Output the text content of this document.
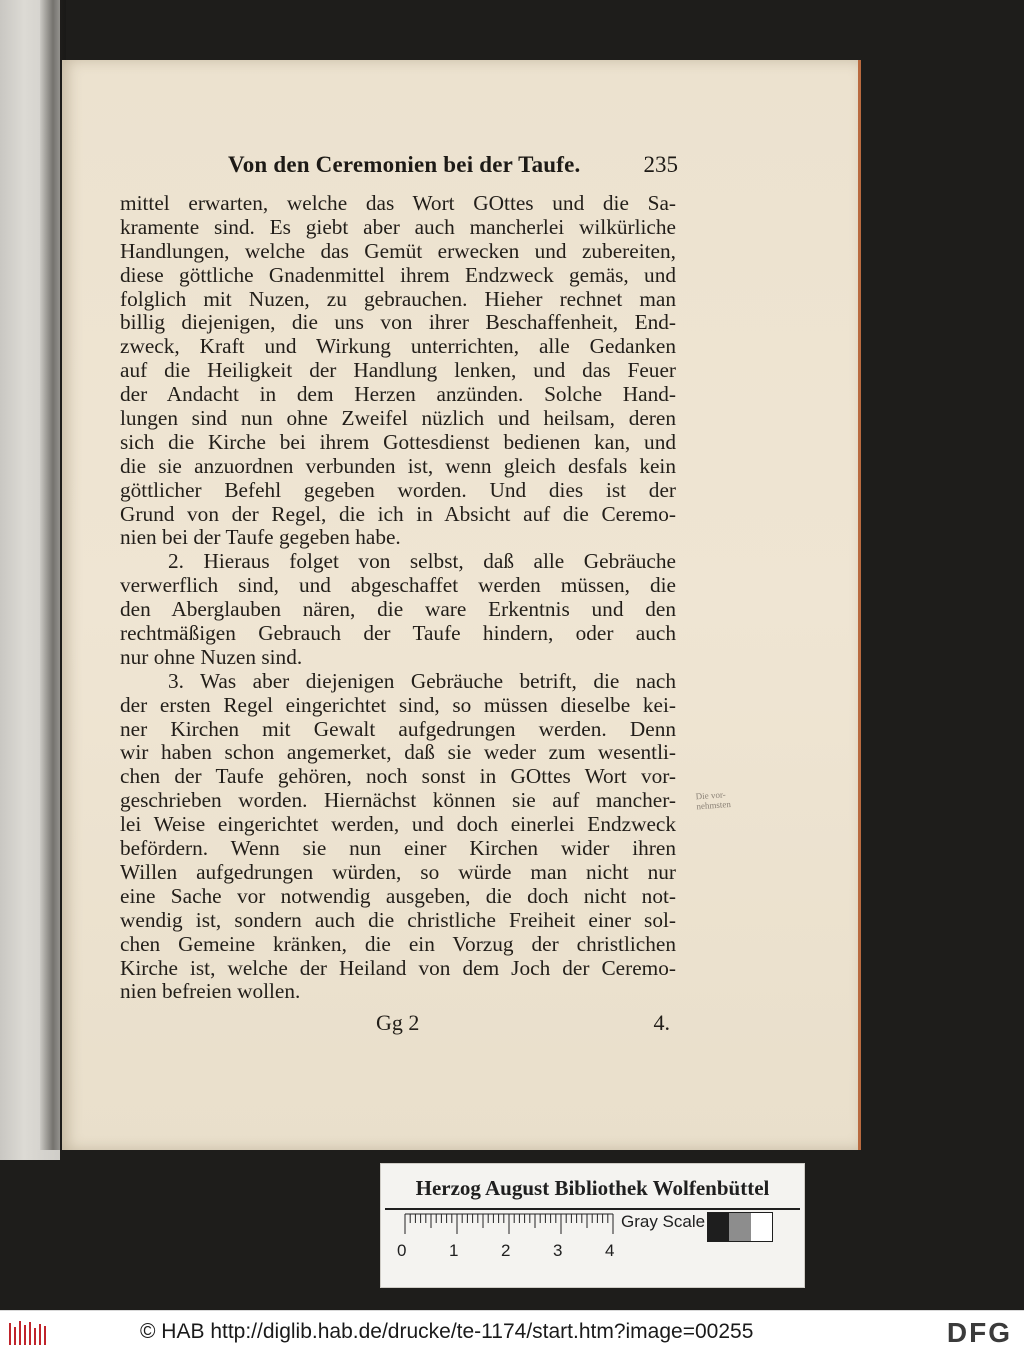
Von den Ceremonien bei der Taufe.	235
mittel erwarten, welche das Wort GOttes und die Sa-
kramente sind. Es giebt aber auch mancherlei wilkürliche
Handlungen, welche das Gemüt erwecken und zubereiten,
diese göttliche Gnadenmittel ihrem Endzweck gemäs, und
folglich mit Nuzen, zu gebrauchen. Hieher rechnet man
billig diejenigen, die uns von ihrer Beschaffenheit, End-
zweck, Kraft und Wirkung unterrichten, alle Gedanken
auf die Heiligkeit der Handlung lenken, und das Feuer
der Andacht in dem Herzen anzünden. Solche Hand-
lungen sind nun ohne Zweifel nüzlich und heilsam, deren
sich die Kirche bei ihrem Gottesdienst bedienen kan, und
die sie anzuordnen verbunden ist, wenn gleich desfals kein
göttlicher Befehl gegeben worden. Und dies ist der
Grund von der Regel, die ich in Absicht auf die Ceremo-
nien bei der Taufe gegeben habe.
2. Hieraus folget von selbst, daß alle Gebräuche
verwerflich sind, und abgeschaffet werden müssen, die
den Aberglauben nären, die ware Erkentnis und den
rechtmäßigen Gebrauch der Taufe hindern, oder auch
nur ohne Nuzen sind.
3. Was aber diejenigen Gebräuche betrift, die nach
der ersten Regel eingerichtet sind, so müssen dieselbe kei-
ner Kirchen mit Gewalt aufgedrungen werden. Denn
wir haben schon angemerket, daß sie weder zum wesentli-
chen der Taufe gehören, noch sonst in GOttes Wort vor-
geschrieben worden. Hiernächst können sie auf mancher-
lei Weise eingerichtet werden, und doch einerlei Endzweck
befördern. Wenn sie nun einer Kirchen wider ihren
Willen aufgedrungen würden, so würde man nicht nur
eine Sache vor notwendig ausgeben, die doch nicht not-
wendig ist, sondern auch die christliche Freiheit einer sol-
chen Gemeine kränken, die ein Vorzug der christlichen
Kirche ist, welche der Heiland von dem Joch der Ceremo-
nien befreien wollen.
Die vor- nehmsten
Gg 2	4.
Herzog August Bibliothek Wolfenbüttel
0	1	2	3	4
Gray Scale
© HAB http://diglib.hab.de/drucke/te-1174/start.htm?image=00255	DFG
